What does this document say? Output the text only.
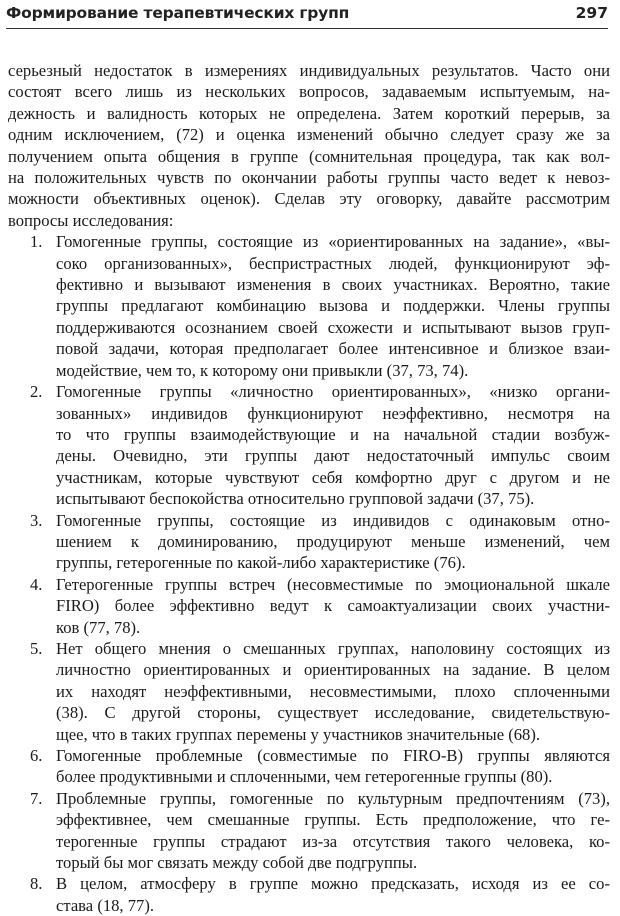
Формирование терапевтических групп	297

серьезный недостаток в измерениях индивидуальных результатов. Часто они
состоят всего лишь из нескольких вопросов, задаваемым испытуемым, на-
дежность и валидность которых не определена. Затем короткий перерыв, за
одним исключением, (72) и оценка изменений обычно следует сразу же за
получением опыта общения в группе (сомнительная процедура, так как вол-
на положительных чувств по окончании работы группы часто ведет к невоз-
можности объективных оценок). Сделав эту оговорку, давайте рассмотрим
вопросы исследования:

1. Гомогенные группы, состоящие из «ориентированных на задание», «вы-
соко организованных», беспристрастных людей, функционируют эф-
фективно и вызывают изменения в своих участниках. Вероятно, такие
группы предлагают комбинацию вызова и поддержки. Члены группы
поддерживаются осознанием своей схожести и испытывают вызов груп-
повой задачи, которая предполагает более интенсивное и близкое взаи-
модействие, чем то, к которому они привыкли (37, 73, 74).
2. Гомогенные группы «личностно ориентированных», «низко органи-
зованных» индивидов функционируют неэффективно, несмотря на
то что группы взаимодействующие и на начальной стадии возбуж-
дены. Очевидно, эти группы дают недостаточный импульс своим
участникам, которые чувствуют себя комфортно друг с другом и не
испытывают беспокойства относительно групповой задачи (37, 75).
3. Гомогенные группы, состоящие из индивидов с одинаковым отно-
шением к доминированию, продуцируют меньше изменений, чем
группы, гетерогенные по какой-либо характеристике (76).
4. Гетерогенные группы встреч (несовместимые по эмоциональной шкале
FIRO) более эффективно ведут к самоактуализации своих участни-
ков (77, 78).
5. Нет общего мнения о смешанных группах, наполовину состоящих из
личностно ориентированных и ориентированных на задание. В целом
их находят неэффективными, несовместимыми, плохо сплоченными
(38). С другой стороны, существует исследование, свидетельствую-
щее, что в таких группах перемены у участников значительные (68).
6. Гомогенные проблемные (совместимые по FIRO-B) группы являются
более продуктивными и сплоченными, чем гетерогенные группы (80).
7. Проблемные группы, гомогенные по культурным предпочтениям (73),
эффективнее, чем смешанные группы. Есть предположение, что ге-
терогенные группы страдают из-за отсутствия такого человека, ко-
торый бы мог связать между собой две подгруппы.
8. В целом, атмосферу в группе можно предсказать, исходя из ее со-
става (18, 77).
